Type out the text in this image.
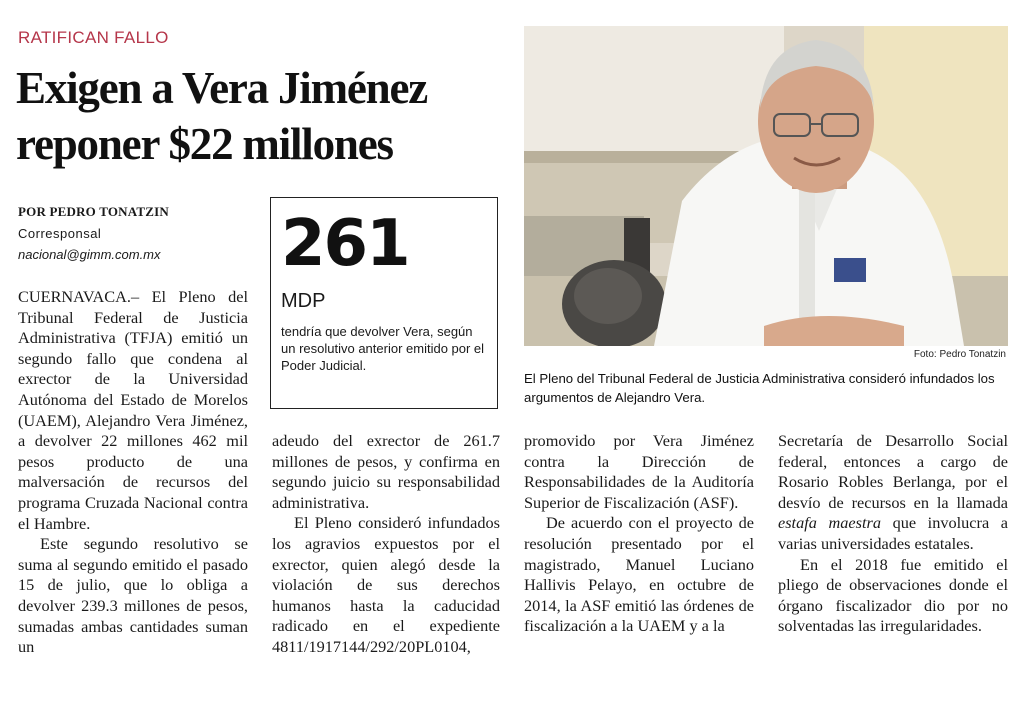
RATIFICAN FALLO
Exigen a Vera Jiménez
reponer $22 millones
POR PEDRO TONATZIN
Corresponsal
nacional@gimm.com.mx 261
MDP
tendría que devolver Vera, según un resolutivo anterior emitido por el Poder Judicial.

CUERNAVACA.– El Pleno del Tribunal Federal de Justicia Administrativa (TFJA) emitió un segundo fallo que condena al exrector de la Universidad Autónoma del Estado de Morelos (UAEM), Alejandro Vera Jiménez, a devolver 22 millones 462 mil pesos producto de una malversación de recursos del programa Cruzada Nacional contra el Hambre.

Este segundo resolutivo se suma al segundo emitido el pasado 15 de julio, que lo obliga a devolver 239.3 millones de pesos, sumadas ambas cantidades suman un

adeudo del exrector de 261.7 millones de pesos, y confirma en segundo juicio su responsabilidad administrativa.

El Pleno consideró infundados los agravios expuestos por el exrector, quien alegó desde la violación de sus derechos humanos hasta la caducidad radicado en el expediente 4811/1917144/292/20PL0104,

promovido por Vera Jiménez contra la Dirección de Responsabilidades de la Auditoría Superior de Fiscalización (ASF).

De acuerdo con el proyecto de resolución presentado por el magistrado, Manuel Luciano Hallivis Pelayo, en octubre de 2014, la ASF emitió las órdenes de fiscalización a la UAEM y a la

Secretaría de Desarrollo Social federal, entonces a cargo de Rosario Robles Berlanga, por el desvío de recursos en la llamada estafa maestra que involucra a varias universidades estatales.

En el 2018 fue emitido el pliego de observaciones donde el órgano fiscalizador dio por no solventadas las irregularidades.

Foto: Pedro Tonatzin
El Pleno del Tribunal Federal de Justicia Administrativa consideró infundados los argumentos de Alejandro Vera.
